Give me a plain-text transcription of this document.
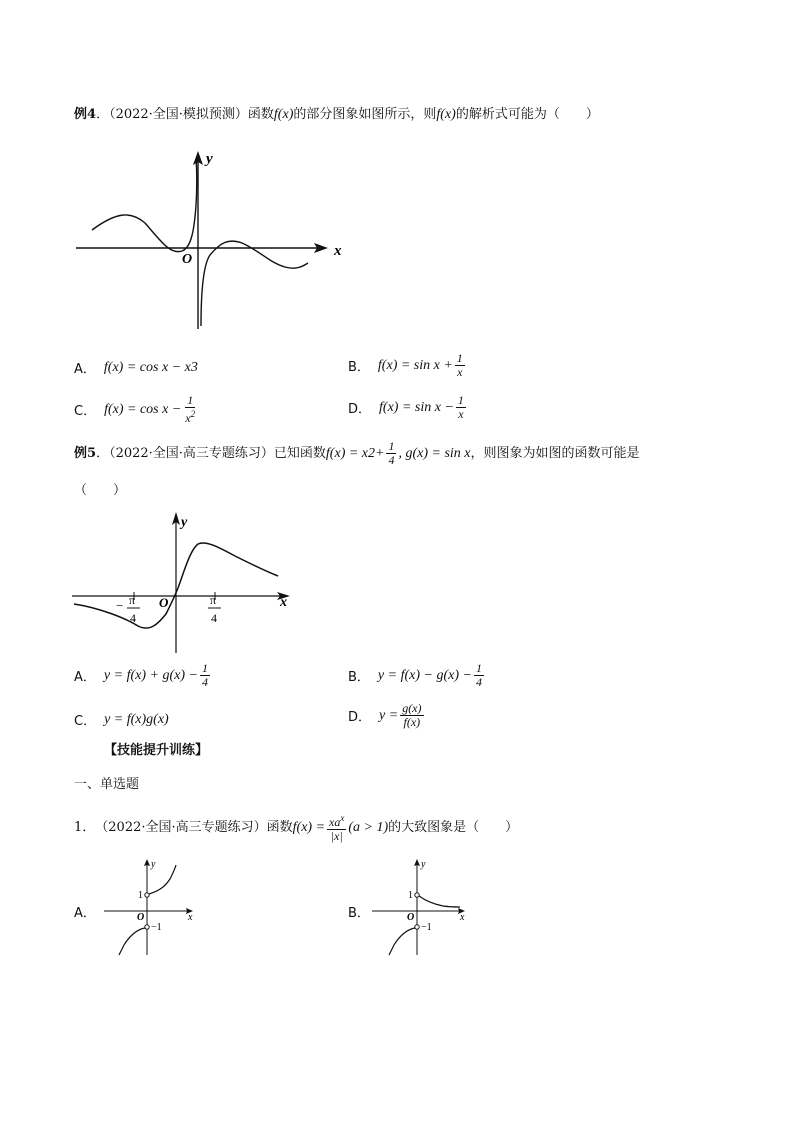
例4．（2022·全国·模拟预测）函数f(x)的部分图象如图所示，则f(x)的解析式可能为（　　）
y
x
O
A． f(x) = cos x − x 3	B． $f(x) = \sin x + \frac{1}{x}$
C． $f(x) = \cos x - \frac{1}{x^2}$	D． $f(x) = \sin x - \frac{1}{x}$
例 5 ．（2022·全国·高三专题练习）已知函数 f(x) = x $2 + \frac{1}{4}$ , g(x) = sin x ，则图象为如图的函数可能是
（　　）
y
x
O
− π
4
π
4
A． $y = f(x) + g(x) - \frac{1}{4}$	B． $y = f(x) - g(x) - \frac{1}{4}$
C． y = f(x)g(x)	D． $y = \frac{g(x)}{f(x)}$
【技能提升训练】
一、单选题
1． （2022·全国·高三专题练习）函数 $f(x) = \frac{xa^x}{|x|} (a > 1)$ 的大致图象是（　　）
A．
y
x
O
1
−1
B．
y
x
O
1
−1
